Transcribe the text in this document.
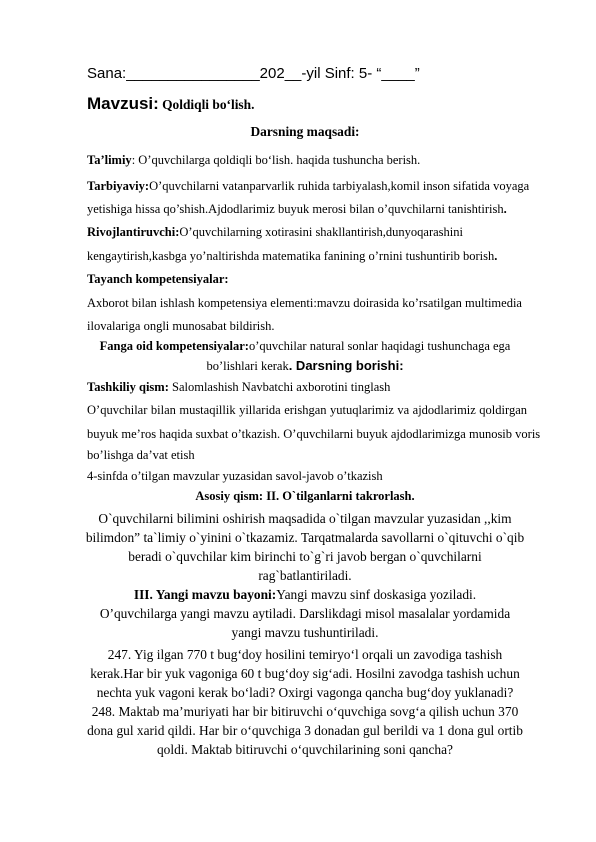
Sana:________________202__-yil Sinf: 5- “____”
Mavzusi: Qoldiqli bo‘lish.
Darsning maqsadi:
Ta’limiy: O’quvchilarga qoldiqli bo‘lish. haqida tushuncha berish.
Tarbiyaviy:O’quvchilarni vatanparvarlik ruhida tarbiyalash,komil inson sifatida voyaga
yetishiga hissa qo’shish.Ajdodlarimiz buyuk merosi bilan o’quvchilarni tanishtirish.
Rivojlantiruvchi:O’quvchilarning xotirasini shakllantirish,dunyoqarashini
kengaytirish,kasbga yo’naltirishda matematika fanining o’rnini tushuntirib borish.
Tayanch kompetensiyalar:
Axborot bilan ishlash kompetensiya elementi:mavzu doirasida ko’rsatilgan multimedia
ilovalariga ongli munosabat bildirish.
Fanga oid kompetensiyalar:o’quvchilar natural sonlar haqidagi tushunchaga ega
bo’lishlari kerak. Darsning borishi:
Tashkiliy qism: Salomlashish Navbatchi axborotini tinglash
O’quvchilar bilan mustaqillik yillarida erishgan yutuqlarimiz va ajdodlarimiz qoldirgan
buyuk me’ros haqida suxbat o’tkazish. O’quvchilarni buyuk ajdodlarimizga munosib voris
bo’lishga da’vat etish
4-sinfda o’tilgan mavzular yuzasidan savol-javob o’tkazish
Asosiy qism: II. O`tilganlarni takrorlash.
O`quvchilarni bilimini oshirish maqsadida o`tilgan mavzular yuzasidan ,,kim
bilimdon” ta`limiy o`yinini o`tkazamiz. Tarqatmalarda savollarni o`qituvchi o`qib
beradi o`quvchilar kim birinchi to`g`ri javob bergan o`quvchilarni
rag`batlantiriladi.
III. Yangi mavzu bayoni:Yangi mavzu sinf doskasiga yoziladi.
O’quvchilarga yangi mavzu aytiladi. Darslikdagi misol masalalar yordamida
yangi mavzu tushuntiriladi.
247. Yig ilgan 770 t bug‘doy hosilini temiryo‘l orqali un zavodiga tashish
kerak.Har bir yuk vagoniga 60 t bug‘doy sig‘adi. Hosilni zavodga tashish uchun
nechta yuk vagoni kerak bo‘ladi? Oxirgi vagonga qancha bug‘doy yuklanadi?
248. Maktab ma’muriyati har bir bitiruvchi o‘quvchiga sovg‘a qilish uchun 370
dona gul xarid qildi. Har bir o‘quvchiga 3 donadan gul berildi va 1 dona gul ortib
qoldi. Maktab bitiruvchi o‘quvchilarining soni qancha?
